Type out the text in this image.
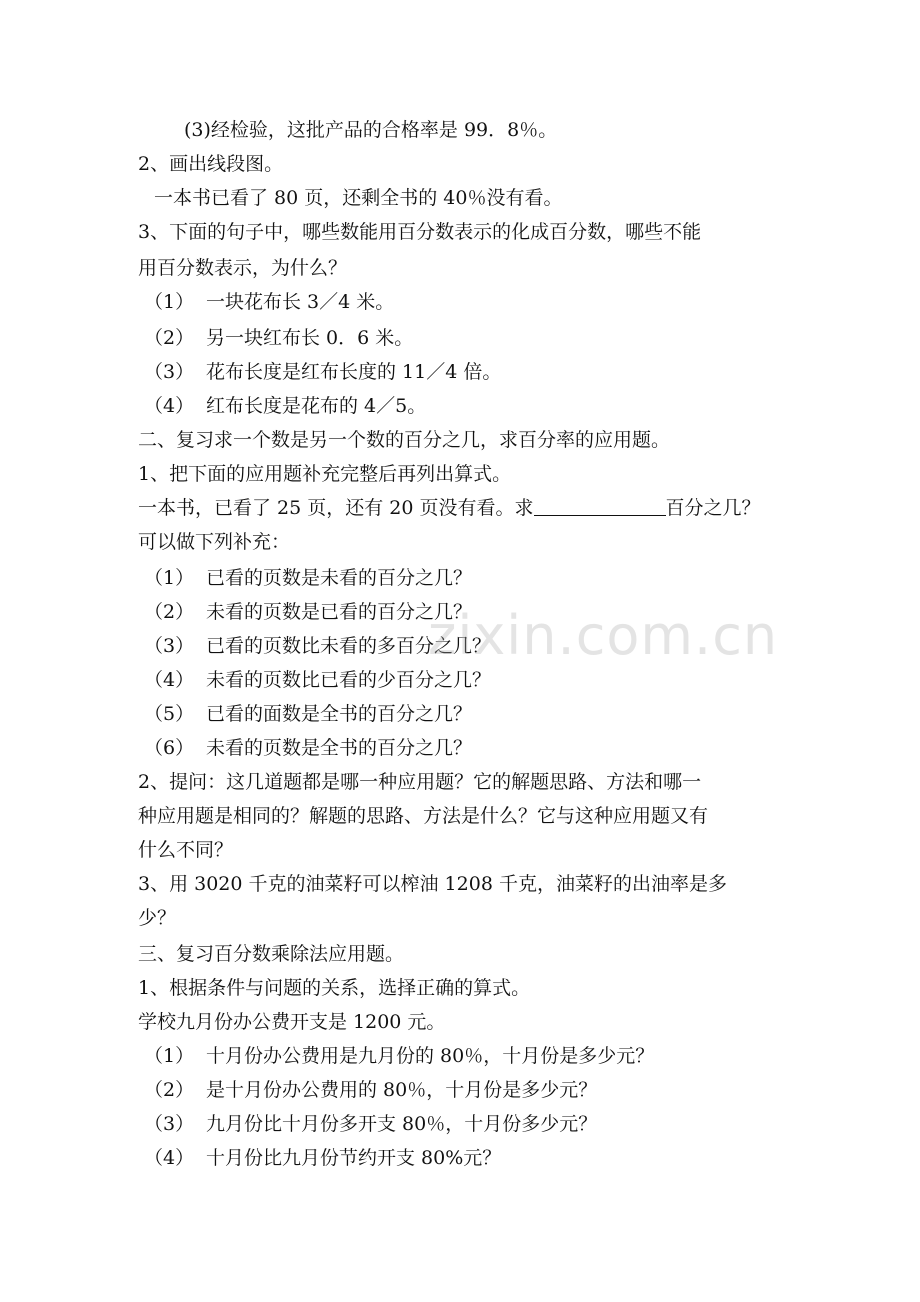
(3)经检验，这批产品的合格率是 99．8％。
2、画出线段图。
一本书已看了 80 页，还剩全书的 40％没有看。
3、下面的句子中，哪些数能用百分数表示的化成百分数，哪些不能
用百分数表示，为什么？
（1） 一块花布长 3／4 米。
（2） 另一块红布长 0．6 米。
（3） 花布长度是红布长度的 11／4 倍。
（4） 红布长度是花布的 4／5。
二、复习求一个数是另一个数的百分之几，求百分率的应用题。
1、把下面的应用题补充完整后再列出算式。
一本书，已看了 25 页，还有 20 页没有看。求	百分之几？
可以做下列补充：
（1） 已看的页数是未看的百分之几？
（2） 未看的页数是已看的百分之几？
（3） 已看的页数比未看的多百分之几？
（4） 未看的页数比已看的少百分之几？
（5） 已看的面数是全书的百分之几？
（6） 未看的页数是全书的百分之几？
2、提问：这几道题都是哪一种应用题？它的解题思路、方法和哪一
种应用题是相同的？解题的思路、方法是什么？它与这种应用题又有
什么不同？
3、用 3020 千克的油菜籽可以榨油 1208 千克，油菜籽的出油率是多
少？
三、复习百分数乘除法应用题。
1、根据条件与问题的关系，选择正确的算式。
学校九月份办公费开支是 1200 元。
（1） 十月份办公费用是九月份的 80％，十月份是多少元？
（2） 是十月份办公费用的 80％，十月份是多少元？
（3） 九月份比十月份多开支 80％，十月份多少元？
（4） 十月份比九月份节约开支 80%元？
zixin.com.cn
